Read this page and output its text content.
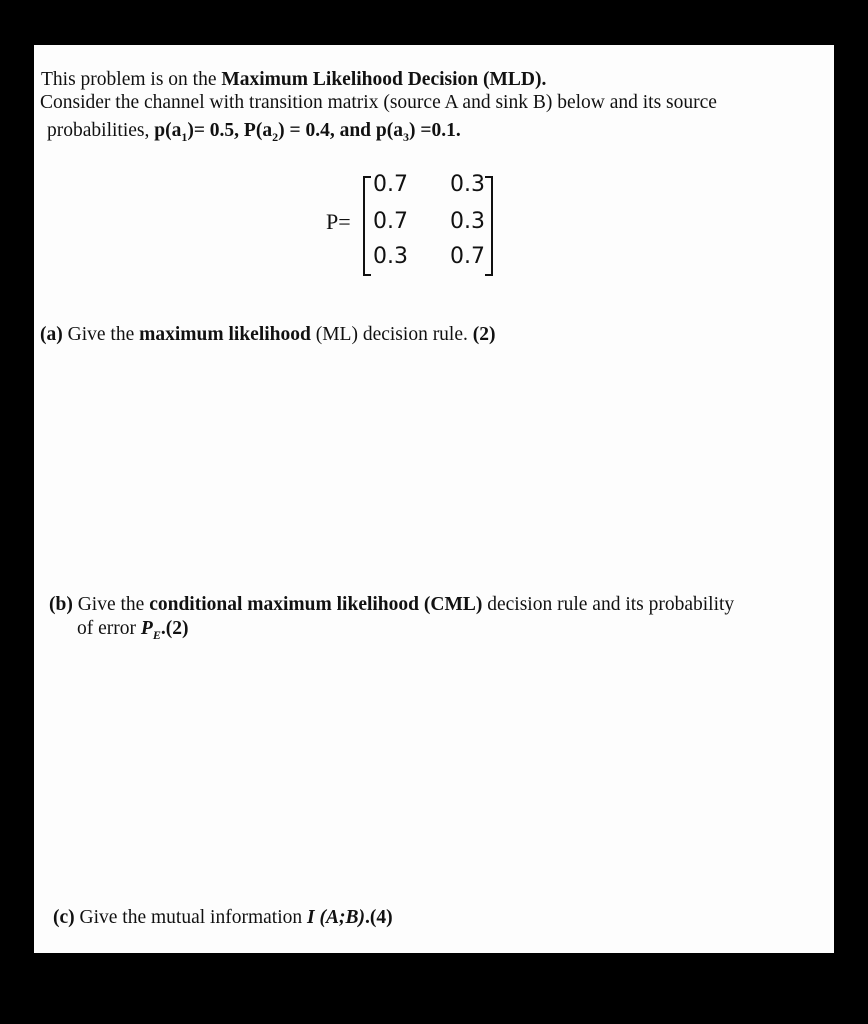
This problem is on the Maximum Likelihood Decision (MLD).
Consider the channel with transition matrix (source A and sink B) below and its source
probabilities, $p(a_1)= 0.5$, $P(a_2) = 0.4$, and $p(a_3) =0.1$.
P=
0.7 0.3
0.7 0.3
0.3 0.7
(a) Give the maximum likelihood (ML) decision rule. (2)
(b) Give the conditional maximum likelihood (CML) decision rule and its probability
of error $P_E.(2)$
(c) Give the mutual information I (A;B).(4)
